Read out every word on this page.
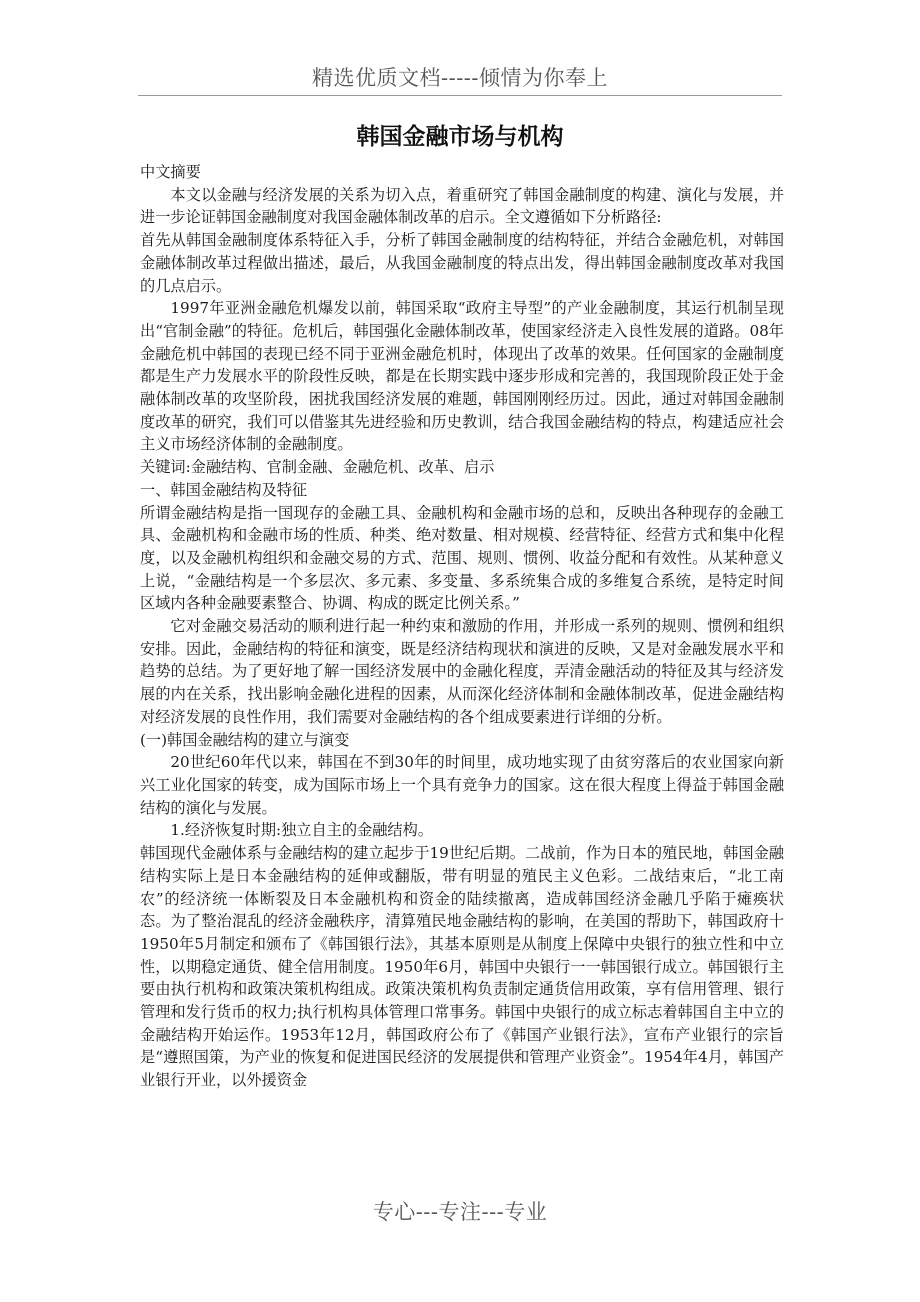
精选优质文档-----倾情为你奉上
韩国金融市场与机构

中文摘要

本文以金融与经济发展的关系为切入点，着重研究了韩国金融制度的构建、演化与发展，并进一步论证韩国金融制度对我国金融体制改革的启示。全文遵循如下分析路径:

首先从韩国金融制度体系特征入手，分析了韩国金融制度的结构特征，并结合金融危机，对韩国金融体制改革过程做出描述，最后，从我国金融制度的特点出发，得出韩国金融制度改革对我国的几点启示。

1997年亚洲金融危机爆发以前，韩国采取“政府主导型”的产业金融制度，其运行机制呈现出“官制金融”的特征。危机后，韩国强化金融体制改革，使国家经济走入良性发展的道路。08年金融危机中韩国的表现已经不同于亚洲金融危机时，体现出了改革的效果。任何国家的金融制度都是生产力发展水平的阶段性反映，都是在长期实践中逐步形成和完善的，我国现阶段正处于金融体制改革的攻坚阶段，困扰我国经济发展的难题，韩国刚刚经历过。因此，通过对韩国金融制度改革的研究，我们可以借鉴其先进经验和历史教训，结合我国金融结构的特点，构建适应社会主义市场经济体制的金融制度。

关键词:金融结构、官制金融、金融危机、改革、启示

一、韩国金融结构及特征

所谓金融结构是指一国现存的金融工具、金融机构和金融市场的总和，反映出各种现存的金融工具、金融机构和金融市场的性质、种类、绝对数量、相对规模、经营特征、经营方式和集中化程度，以及金融机构组织和金融交易的方式、范围、规则、惯例、收益分配和有效性。从某种意义上说，“金融结构是一个多层次、多元素、多变量、多系统集合成的多维复合系统，是特定时间区域内各种金融要素整合、协调、构成的既定比例关系。”

它对金融交易活动的顺利进行起一种约束和激励的作用，并形成一系列的规则、惯例和组织安排。因此，金融结构的特征和演变，既是经济结构现状和演进的反映，又是对金融发展水平和趋势的总结。为了更好地了解一国经济发展中的金融化程度，弄清金融活动的特征及其与经济发展的内在关系，找出影响金融化进程的因素，从而深化经济体制和金融体制改革，促进金融结构对经济发展的良性作用，我们需要对金融结构的各个组成要素进行详细的分析。

(一)韩国金融结构的建立与演变

20世纪60年代以来，韩国在不到30年的时间里，成功地实现了由贫穷落后的农业国家向新兴工业化国家的转变，成为国际市场上一个具有竞争力的国家。这在很大程度上得益于韩国金融结构的演化与发展。

1.经济恢复时期:独立自主的金融结构。

韩国现代金融体系与金融结构的建立起步于19世纪后期。二战前，作为日本的殖民地，韩国金融结构实际上是日本金融结构的延伸或翻版，带有明显的殖民主义色彩。二战结束后，“北工南农”的经济统一体断裂及日本金融机构和资金的陆续撤离，造成韩国经济金融几乎陷于瘫痪状态。为了整治混乱的经济金融秩序，清算殖民地金融结构的影响，在美国的帮助下，韩国政府十1950年5月制定和颁布了《韩国银行法》，其基本原则是从制度上保障中央银行的独立性和中立性，以期稳定通货、健全信用制度。1950年6月，韩国中央银行一一韩国银行成立。韩国银行主要由执行机构和政策决策机构组成。政策决策机构负责制定通货信用政策，享有信用管理、银行管理和发行货币的权力;执行机构具体管理口常事务。韩国中央银行的成立标志着韩国自主中立的金融结构开始运作。1953年12月，韩国政府公布了《韩国产业银行法》，宣布产业银行的宗旨是“遵照国策，为产业的恢复和促进国民经济的发展提供和管理产业资金”。1954年4月，韩国产业银行开业，以外援资金

专心---专注---专业
